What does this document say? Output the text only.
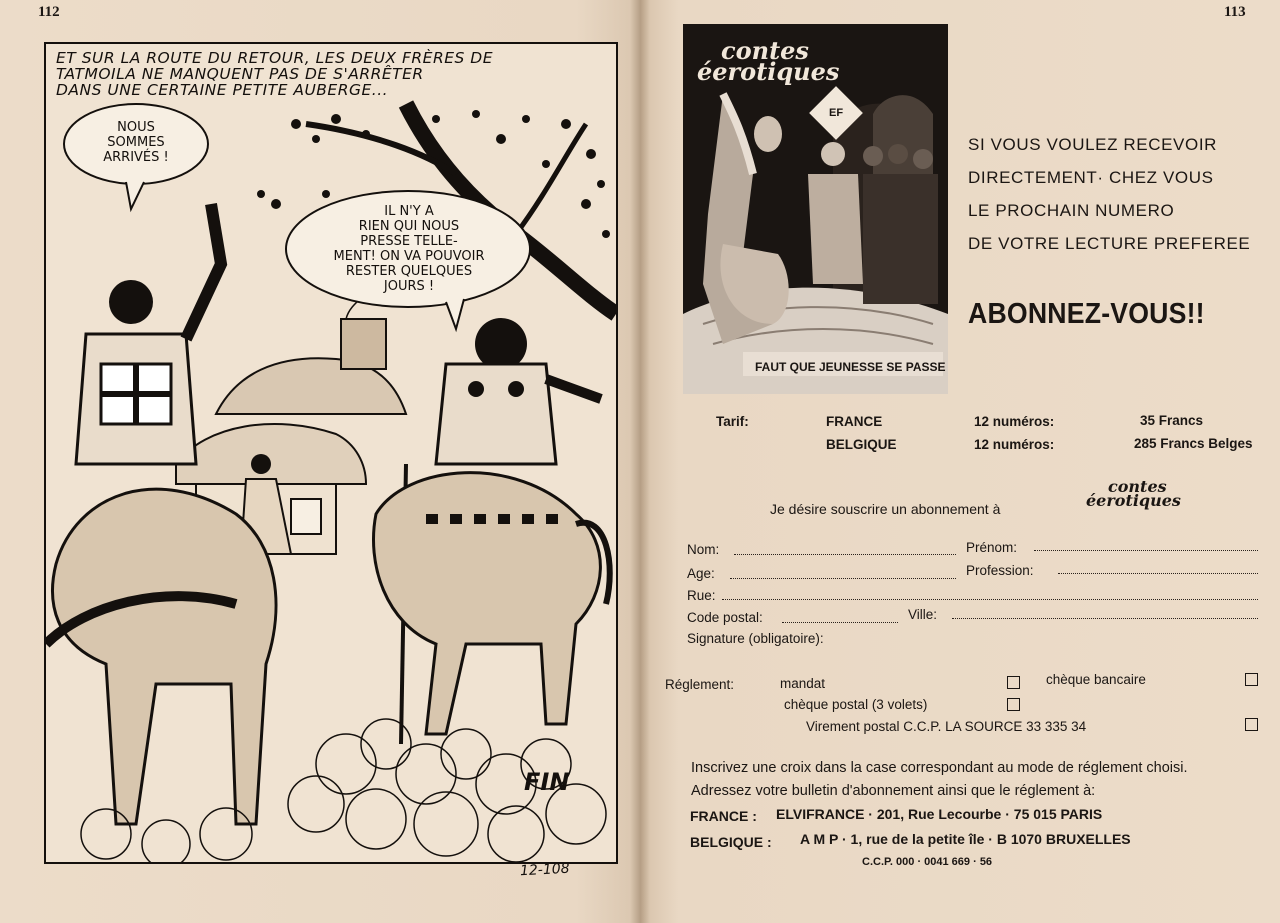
112	113
ET SUR LA ROUTE DU RETOUR, LES DEUX FRÈRES DE
TATMOILA NE MANQUENT PAS DE S'ARRÊTER
DANS UNE CERTAINE PETITE AUBERGE...
NOUS
SOMMES
ARRIVÉS !
IL N'Y A
RIEN QUI NOUS
PRESSE TELLE-
MENT! ON VA POUVOIR
RESTER QUELQUES
JOURS !
FIN
12-108
contes
éerotiques
EF
FAUT QUE JEUNESSE SE PASSE
SI VOUS VOULEZ RECEVOIR
DIRECTEMENT· CHEZ VOUS
LE PROCHAIN NUMERO
DE VOTRE LECTURE PREFEREE
ABONNEZ-VOUS!!
Tarif:	FRANCE	12 numéros:	35 Francs
BELGIQUE	12 numéros:	285 Francs Belges
Je désire souscrire un abonnement à
contes
éerotiques
Nom:	Prénom:
Age:	Profession:
Rue:
Code postal:	Ville:
Signature (obligatoire):
Réglement:	mandat	chèque bancaire
chèque postal (3 volets)
Virement postal C.C.P. LA SOURCE 33 335 34
Inscrivez une croix dans la case correspondant au mode de réglement choisi.
Adressez votre bulletin d'abonnement ainsi que le réglement à:
FRANCE : ELVIFRANCE · 201, Rue Lecourbe · 75 015 PARIS
BELGIQUE : A M P · 1, rue de la petite île · B 1070 BRUXELLES
C.C.P. 000 · 0041 669 · 56
